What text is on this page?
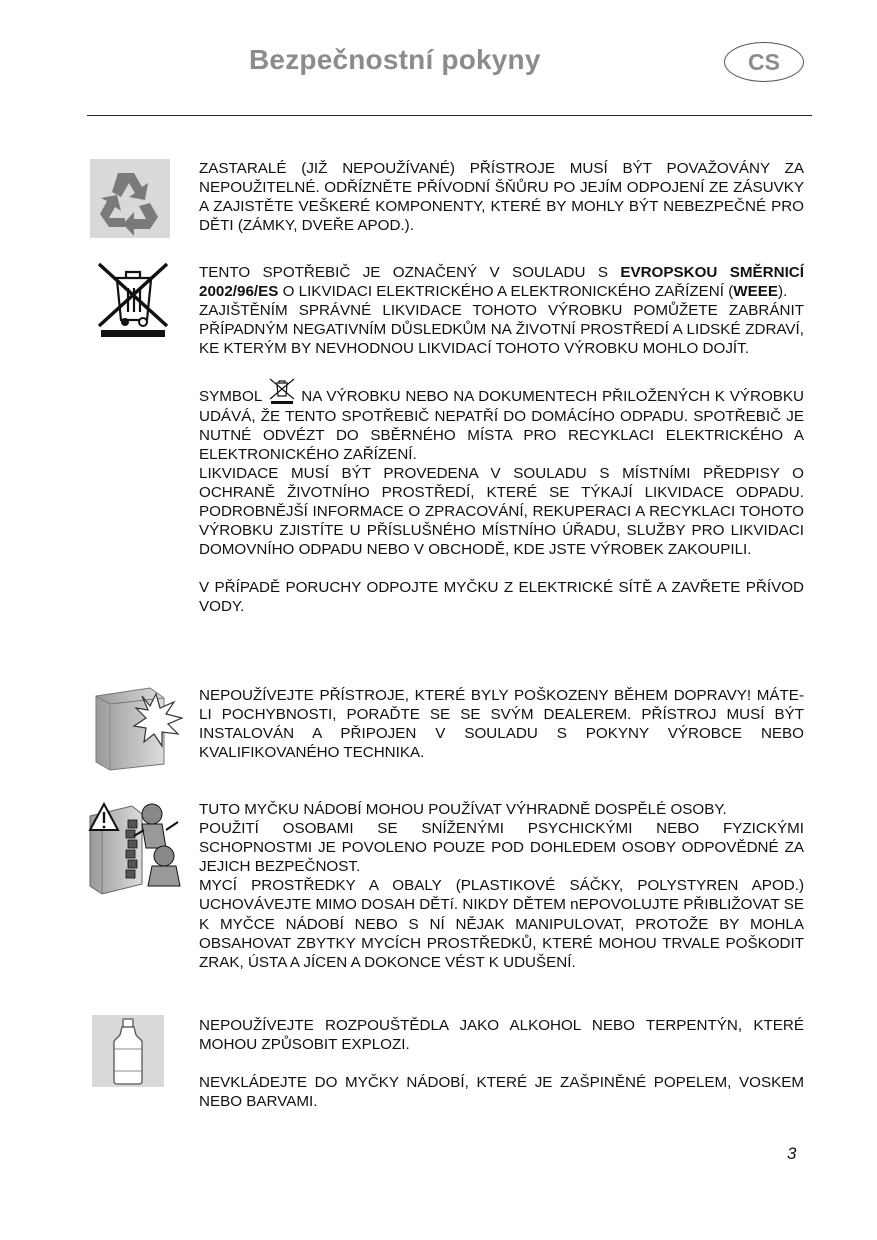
Bezpečnostní pokyny	CS

ZASTARALÉ (JIŽ NEPOUŽÍVANÉ) PŘÍSTROJE MUSÍ BÝT POVAŽOVÁNY ZA NEPOUŽITELNÉ. ODŘÍZNĚTE PŘÍVODNÍ ŠŇŮRU PO JEJÍM ODPOJENÍ ZE ZÁSUVKY A ZAJISTĚTE VEŠKERÉ KOMPONENTY, KTERÉ BY MOHLY BÝT NEBEZPEČNÉ PRO DĚTI (ZÁMKY, DVEŘE APOD.).

TENTO SPOTŘEBIČ JE OZNAČENÝ V SOULADU S EVROPSKOU SMĚRNICÍ 2002/96/ES O LIKVIDACI ELEKTRICKÉHO A ELEKTRONICKÉHO ZAŘÍZENÍ (WEEE).

ZAJIŠTĚNÍM SPRÁVNÉ LIKVIDACE TOHOTO VÝROBKU POMŮŽETE ZABRÁNIT PŘÍPADNÝM NEGATIVNÍM DŮSLEDKŮM NA ŽIVOTNÍ PROSTŘEDÍ A LIDSKÉ ZDRAVÍ, KE KTERÝM BY NEVHODNOU LIKVIDACÍ TOHOTO VÝROBKU MOHLO DOJÍT.

SYMBOL  NA VÝROBKU NEBO NA DOKUMENTECH PŘILOŽENÝCH K VÝROBKU UDÁVÁ, ŽE TENTO SPOTŘEBIČ NEPATŘÍ DO DOMÁCÍHO ODPADU. SPOTŘEBIČ JE NUTNÉ ODVÉZT DO SBĚRNÉHO MÍSTA PRO RECYKLACI ELEKTRICKÉHO A ELEKTRONICKÉHO ZAŘÍZENÍ.

LIKVIDACE MUSÍ BÝT PROVEDENA V SOULADU S MÍSTNÍMI PŘEDPISY O OCHRANĚ ŽIVOTNÍHO PROSTŘEDÍ, KTERÉ SE TÝKAJÍ LIKVIDACE ODPADU. PODROBNĚJŠÍ INFORMACE O ZPRACOVÁNÍ, REKUPERACI A RECYKLACI TOHOTO VÝROBKU ZJISTÍTE U PŘÍSLUŠNÉHO MÍSTNÍHO ÚŘADU, SLUŽBY PRO LIKVIDACI DOMOVNÍHO ODPADU NEBO V OBCHODĚ, KDE JSTE VÝROBEK ZAKOUPILI.

V PŘÍPADĚ PORUCHY ODPOJTE MYČKU Z ELEKTRICKÉ SÍTĚ A ZAVŘETE PŘÍVOD VODY.

NEPOUŽÍVEJTE PŘÍSTROJE, KTERÉ BYLY POŠKOZENY BĚHEM DOPRAVY! MÁTE-LI POCHYBNOSTI, PORAĎTE SE SE SVÝM DEALEREM. PŘÍSTROJ MUSÍ BÝT INSTALOVÁN A PŘIPOJEN V SOULADU S POKYNY VÝROBCE NEBO KVALIFIKOVANÉHO TECHNIKA.

TUTO MYČKU NÁDOBÍ MOHOU POUŽÍVAT VÝHRADNĚ DOSPĚLÉ OSOBY.

POUŽITÍ OSOBAMI SE SNÍŽENÝMI PSYCHICKÝMI NEBO FYZICKÝMI SCHOPNOSTMI JE POVOLENO POUZE POD DOHLEDEM OSOBY ODPOVĚDNÉ ZA JEJICH BEZPEČNOST.

MYCÍ PROSTŘEDKY A OBALY (PLASTIKOVÉ SÁČKY, POLYSTYREN APOD.) UCHOVÁVEJTE MIMO DOSAH DĚTí. NIKDY DĚTEM nEPOVOLUJTE PŘIBLIŽOVAT SE K MYČCE NÁDOBÍ NEBO S NÍ NĚJAK MANIPULOVAT, PROTOŽE BY MOHLA OBSAHOVAT ZBYTKY MYCÍCH PROSTŘEDKŮ, KTERÉ MOHOU TRVALE POŠKODIT ZRAK, ÚSTA A JÍCEN A DOKONCE VÉST K UDUŠENÍ.

NEPOUŽÍVEJTE ROZPOUŠTĚDLA JAKO ALKOHOL NEBO TERPENTÝN, KTERÉ MOHOU ZPŮSOBIT EXPLOZI.

NEVKLÁDEJTE DO MYČKY NÁDOBÍ, KTERÉ JE ZAŠPINĚNÉ POPELEM, VOSKEM NEBO BARVAMI.

3
